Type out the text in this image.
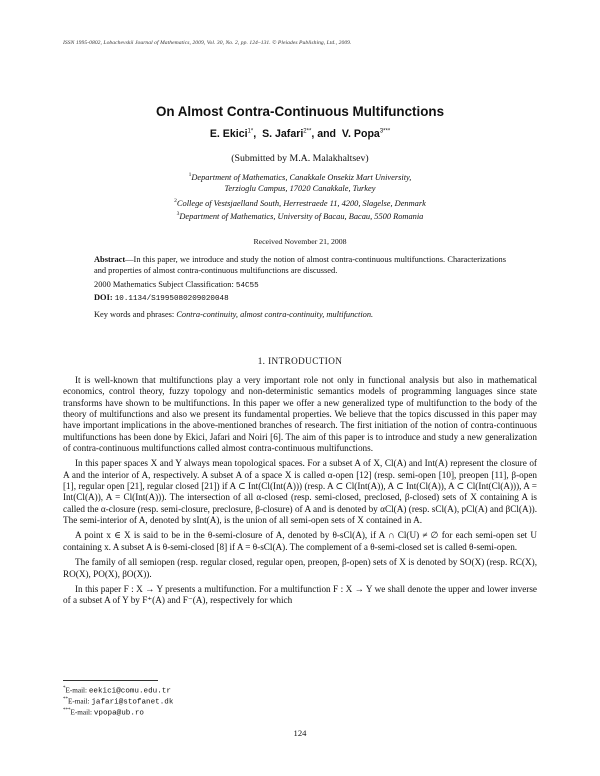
ISSN 1995-0802, Lobachevskii Journal of Mathematics, 2009, Vol. 30, No. 2, pp. 124–131. © Pleiades Publishing, Ltd., 2009.
On Almost Contra-Continuous Multifunctions
E. Ekici$^{1*}$,  S. Jafari$^{2**}$, and  V. Popa$^{3***}$
(Submitted by M.A. Malakhaltsev)
$^1$Department of Mathematics, Canakkale Onsekiz Mart University,
Terzioglu Campus, 17020 Canakkale, Turkey
$^2$College of Vestsjaelland South, Herrestraede 11, 4200, Slagelse, Denmark
$^3$Department of Mathematics, University of Bacau, Bacau, 5500 Romania
Received November 21, 2008
Abstract—In this paper, we introduce and study the notion of almost contra-continuous multifunctions. Characterizations and properties of almost contra-continuous multifunctions are discussed.
2000 Mathematics Subject Classification: 54C55
DOI: 10.1134/S1995080209020048
Key words and phrases: Contra-continuity, almost contra-continuity, multifunction.
1. INTRODUCTION

It is well-known that multifunctions play a very important role not only in functional analysis but also in mathematical economics, control theory, fuzzy topology and non-deterministic semantics models of programming languages since state transforms have shown to be multifunctions. In this paper we offer a new generalized type of multifunction to the body of the theory of multifunctions and also we present its fundamental properties. We believe that the topics discussed in this paper may have important implications in the above-mentioned branches of research. The first initiation of the notion of contra-continuous multifunctions has been done by Ekici, Jafari and Noiri [6]. The aim of this paper is to introduce and study a new generalization of contra-continuous multifunctions called almost contra-continuous multifunctions.

In this paper spaces X and Y always mean topological spaces. For a subset A of X, Cl(A) and Int(A) represent the closure of A and the interior of A, respectively. A subset A of a space X is called α-open [12] (resp. semi-open [10], preopen [11], β-open [1], regular open [21], regular closed [21]) if A ⊂ Int(Cl(Int(A))) (resp. A ⊂ Cl(Int(A)), A ⊂ Int(Cl(A)), A ⊂ Cl(Int(Cl(A))), A = Int(Cl(A)), A = Cl(Int(A))). The intersection of all α-closed (resp. semi-closed, preclosed, β-closed) sets of X containing A is called the α-closure (resp. semi-closure, preclosure, β-closure) of A and is denoted by αCl(A) (resp. sCl(A), pCl(A) and βCl(A)). The semi-interior of A, denoted by sInt(A), is the union of all semi-open sets of X contained in A.

A point x ∈ X is said to be in the θ-semi-closure of A, denoted by θ-sCl(A), if A ∩ Cl(U) ≠ ∅ for each semi-open set U containing x. A subset A is θ-semi-closed [8] if A = θ-sCl(A). The complement of a θ-semi-closed set is called θ-semi-open.

The family of all semiopen (resp. regular closed, regular open, preopen, β-open) sets of X is denoted by SO(X) (resp. RC(X), RO(X), PO(X), βO(X)).

In this paper F : X → Y presents a multifunction. For a multifunction F : X → Y we shall denote the upper and lower inverse of a subset A of Y by F⁺(A) and F⁻(A), respectively for which

*E-mail: eekici@comu.edu.tr
**E-mail: jafari@stofanet.dk
***E-mail: vpopa@ub.ro
124
